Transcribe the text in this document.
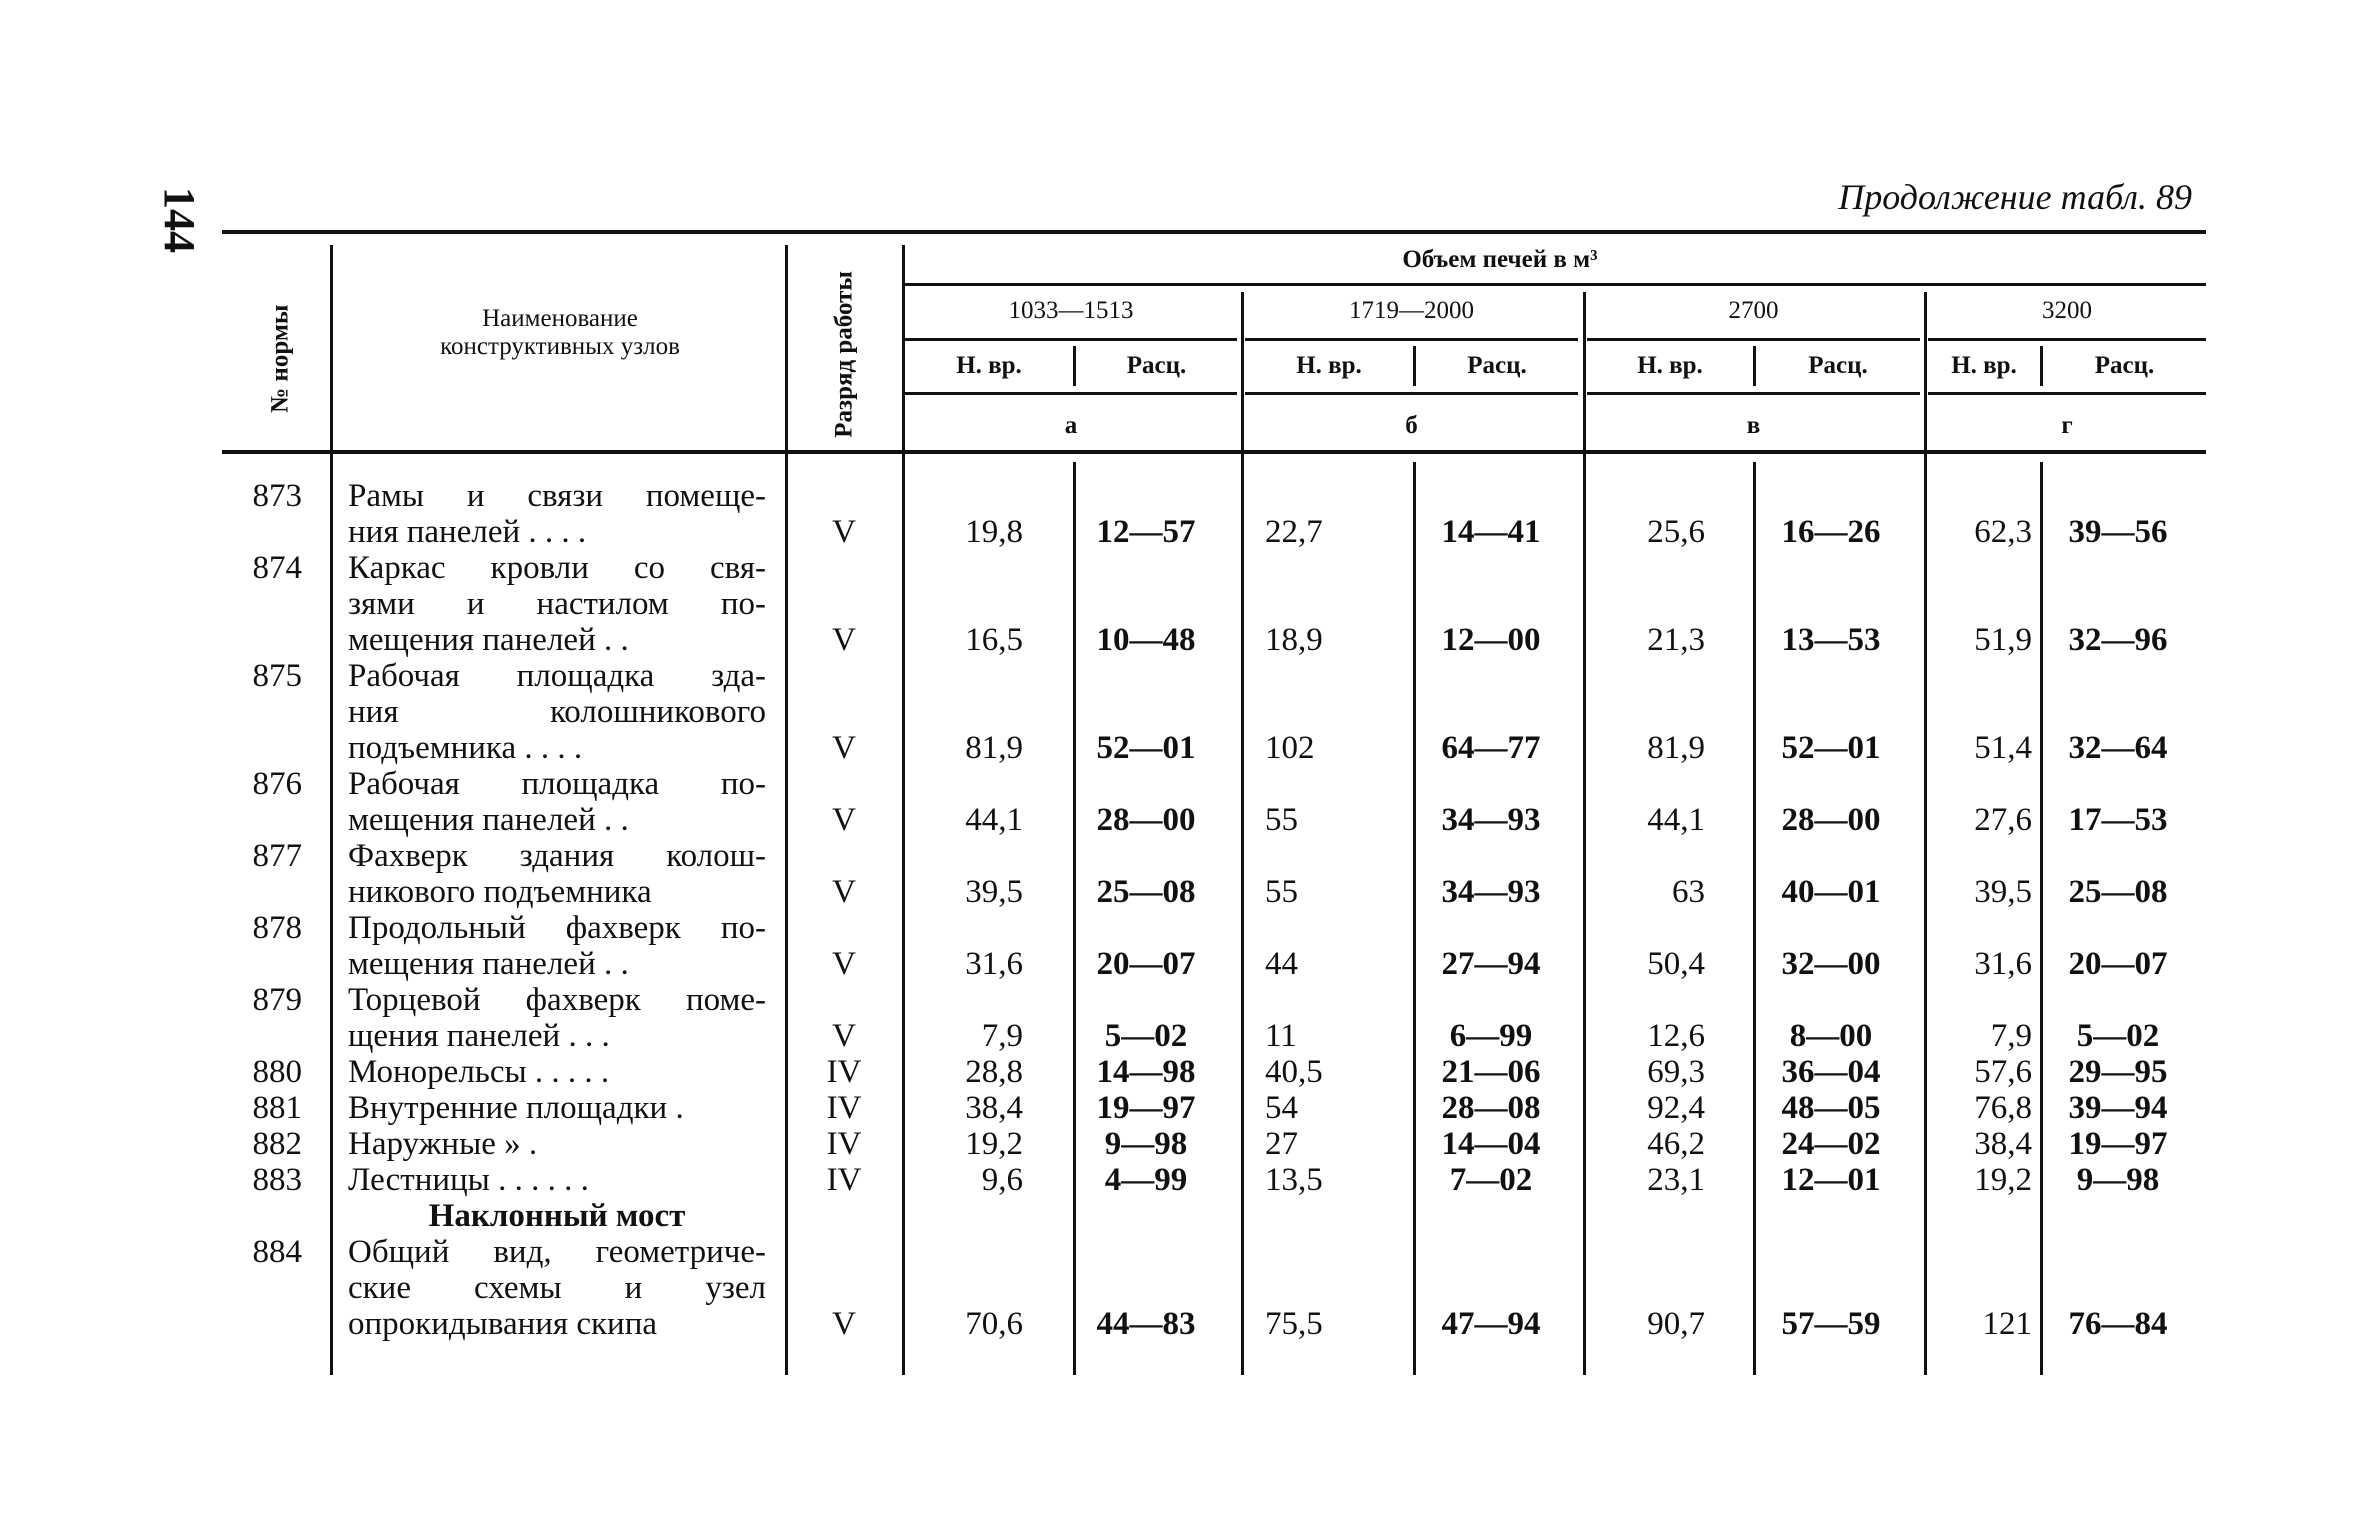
144	Продолжение табл. 89
№ нормы	Наименование конструктивных узлов	Разряд работы
Объем печей в м³
1033—1513	1719—2000	2700	3200
Н. вр.	Расц.	Н. вр.	Расц.	Н. вр.	Расц.	Н. вр.	Расц.
а	б	в	г
873 Рамы и связи помеще-
ния панелей . . . .	V	19,8	12—57	22,7	14—41	25,6	16—26	62,3	39—56
874 Каркас кровли со свя-
зями и настилом по-
мещения панелей . .	V	16,5	10—48	18,9	12—00	21,3	13—53	51,9	32—96
875 Рабочая площадка зда-
ния колошникового
подъемника . . . .	V	81,9	52—01	102	64—77	81,9	52—01	51,4	32—64
876 Рабочая площадка по-
мещения панелей . .	V	44,1	28—00	55	34—93	44,1	28—00	27,6	17—53
877 Фахверк здания колош-
никового подъемника	V	39,5	25—08	55	34—93	63	40—01	39,5	25—08
878 Продольный фахверк по-
мещения панелей . .	V	31,6	20—07	44	27—94	50,4	32—00	31,6	20—07
879 Торцевой фахверк поме-
щения панелей . . .	V	7,9	5—02	11	6—99	12,6	8—00	7,9	5—02
880 Монорельсы . . . . .	IV	28,8	14—98	40,5	21—06	69,3	36—04	57,6	29—95
881 Внутренние площадки .	IV	38,4	19—97	54	28—08	92,4	48—05	76,8	39—94
882 Наружные » .	IV	19,2	9—98	27	14—04	46,2	24—02	38,4	19—97
883 Лестницы . . . . . .	IV	9,6	4—99	13,5	7—02	23,1	12—01	19,2	9—98
Наклонный мост
884 Общий вид, геометриче-
ские схемы и узел
опрокидывания скипа	V	70,6	44—83	75,5	47—94	90,7	57—59	121	76—84
